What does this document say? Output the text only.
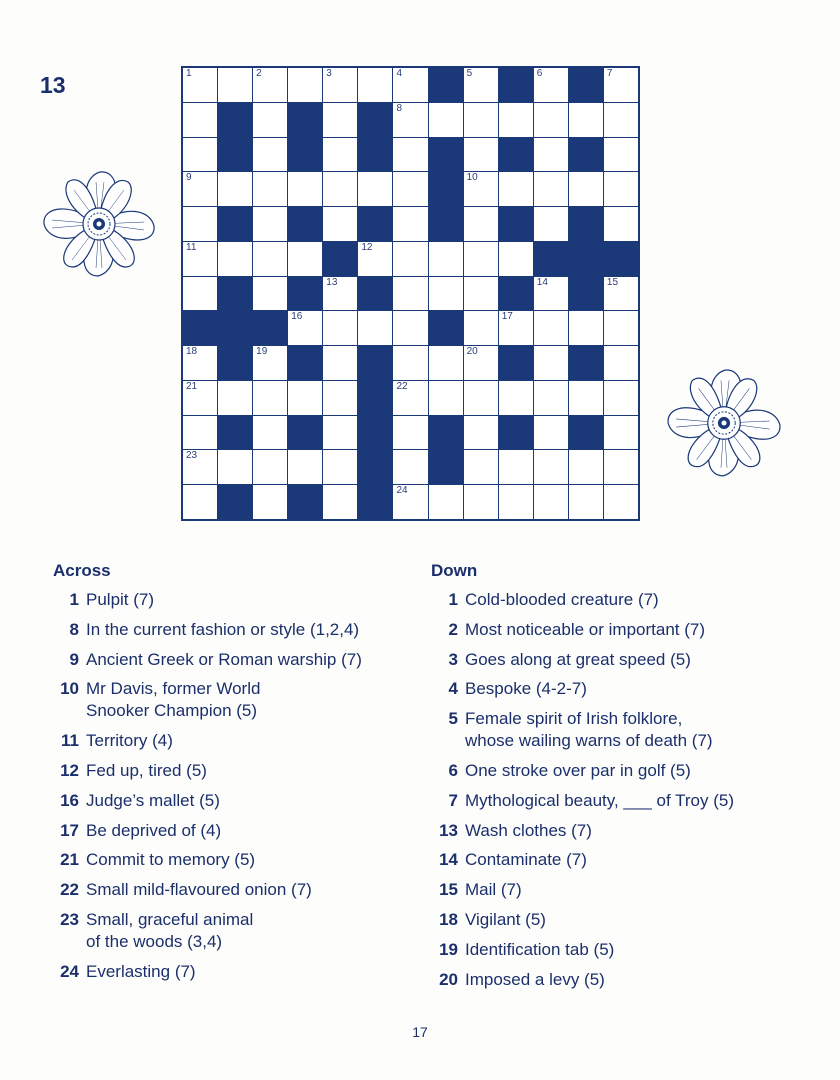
13	1	2	3	4	5	6	7
8
9	10
11	12
13	14	15
16	17
18	19	20
21	22
23
24
Across
1 Pulpit (7)
8 In the current fashion or style (1,2,4)
9 Ancient Greek or Roman warship (7)
10 Mr Davis, former World
Snooker Champion (5)
11 Territory (4)
12 Fed up, tired (5)
16 Judge’s mallet (5)
17 Be deprived of (4)
21 Commit to memory (5)
22 Small mild-flavoured onion (7)
23 Small, graceful animal
of the woods (3,4)
24 Everlasting (7)
Down
1 Cold-blooded creature (7)
2 Most noticeable or important (7)
3 Goes along at great speed (5)
4 Bespoke (4-2-7)
5 Female spirit of Irish folklore,
whose wailing warns of death (7)
6 One stroke over par in golf (5)
7 Mythological beauty, ___ of Troy (5)
13 Wash clothes (7)
14 Contaminate (7)
15 Mail (7)
18 Vigilant (5)
19 Identification tab (5)
20 Imposed a levy (5)
17
